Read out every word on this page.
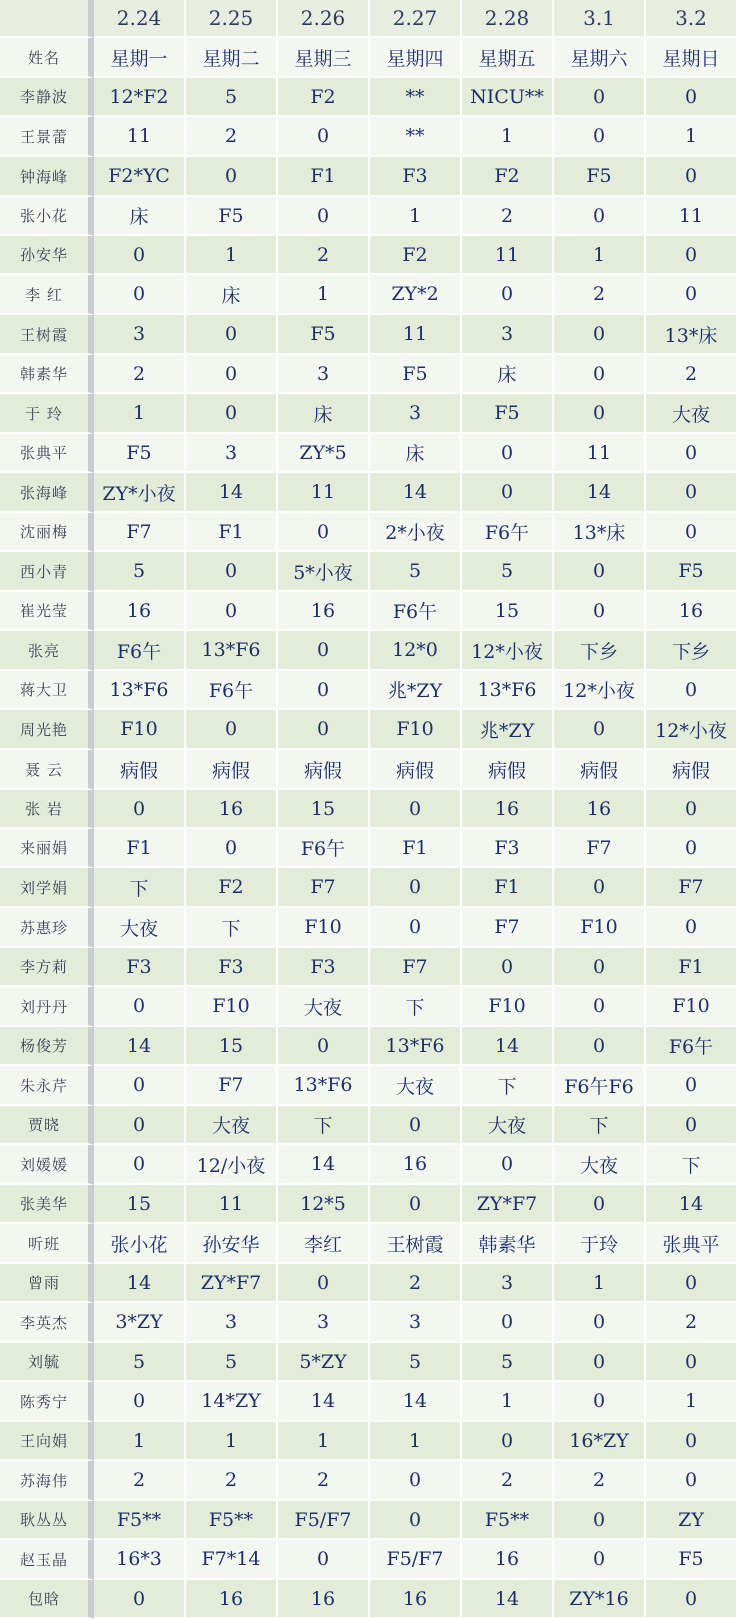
	2.24	2.25	2.26	2.27	2.28	3.1	3.2
姓名	星期一	星期二	星期三	星期四	星期五	星期六	星期日
李静波	12*F2	5	F2	**	NICU**	0	0
王景蕾	11	2	0	**	1	0	1
钟海峰	F2*YC	0	F1	F3	F2	F5	0
张小花	床	F5	0	1	2	0	11
孙安华	0	1	2	F2	11	1	0
李 红	0	床	1	ZY*2	0	2	0
王树霞	3	0	F5	11	3	0	13*床
韩素华	2	0	3	F5	床	0	2
于 玲	1	0	床	3	F5	0	大夜
张典平	F5	3	ZY*5	床	0	11	0
张海峰	ZY*小夜	14	11	14	0	14	0
沈丽梅	F7	F1	0	2*小夜	F6午	13*床	0
西小青	5	0	5*小夜	5	5	0	F5
崔光莹	16	0	16	F6午	15	0	16
张亮	F6午	13*F6	0	12*0	12*小夜	下乡	下乡
蒋大卫	13*F6	F6午	0	兆*ZY	13*F6	12*小夜	0
周光艳	F10	0	0	F10	兆*ZY	0	12*小夜
聂 云	病假	病假	病假	病假	病假	病假	病假
张 岩	0	16	15	0	16	16	0
来丽娟	F1	0	F6午	F1	F3	F7	0
刘学娟	下	F2	F7	0	F1	0	F7
苏惠珍	大夜	下	F10	0	F7	F10	0
李方莉	F3	F3	F3	F7	0	0	F1
刘丹丹	0	F10	大夜	下	F10	0	F10
杨俊芳	14	15	0	13*F6	14	0	F6午
朱永芹	0	F7	13*F6	大夜	下	F6午F6	0
贾晓	0	大夜	下	0	大夜	下	0
刘媛媛	0	12/小夜	14	16	0	大夜	下
张美华	15	11	12*5	0	ZY*F7	0	14
听班	张小花	孙安华	李红	王树霞	韩素华	于玲	张典平
曾雨	14	ZY*F7	0	2	3	1	0
李英杰	3*ZY	3	3	3	0	0	2
刘毓	5	5	5*ZY	5	5	0	0
陈秀宁	0	14*ZY	14	14	1	0	1
王向娟	1	1	1	1	0	16*ZY	0
苏海伟	2	2	2	0	2	2	0
耿丛丛	F5**	F5**	F5/F7	0	F5**	0	ZY
赵玉晶	16*3	F7*14	0	F5/F7	16	0	F5
包晗	0	16	16	16	14	ZY*16	0
